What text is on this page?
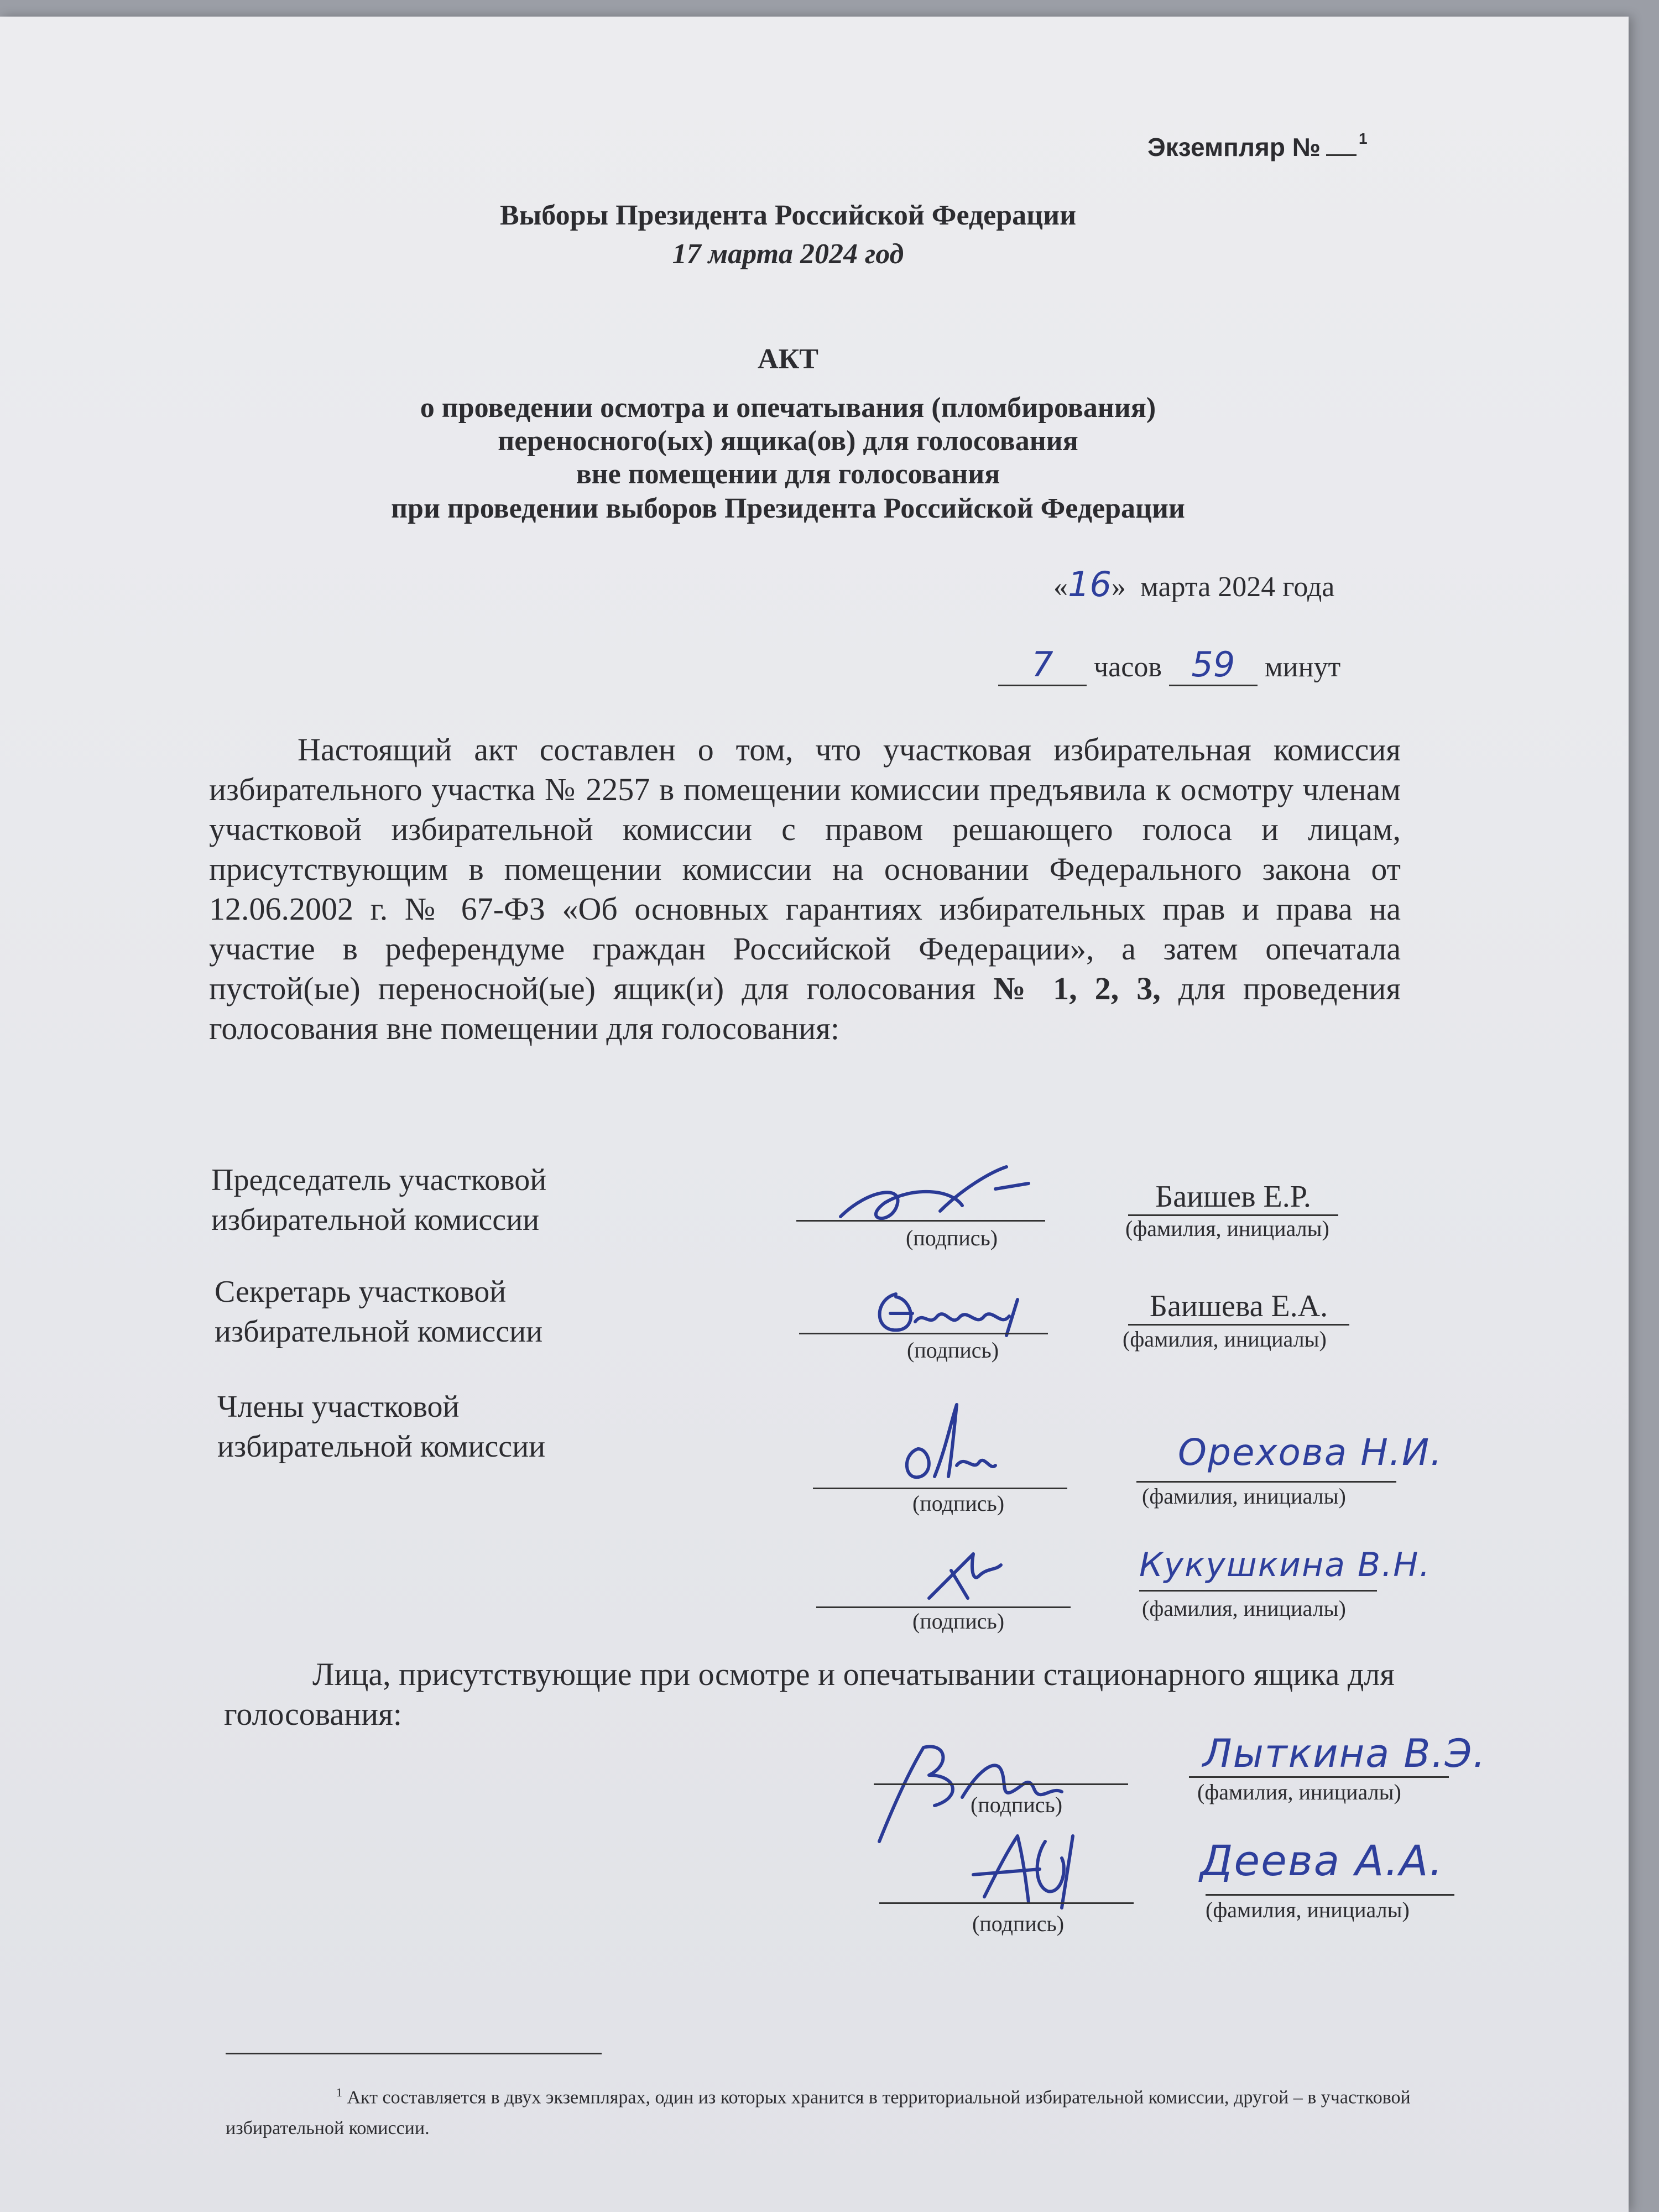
Экземпляр № $^1$
Выборы Президента Российской Федерации
17 марта 2024 год
АКТ
о проведении осмотра и опечатывания (пломбирования)
переносного(ых) ящика(ов) для голосования
вне помещении для голосования
при проведении выборов Президента Российской Федерации
«16» марта 2024 года
7 часов 59 минут

Настоящий акт составлен о том, что участковая избирательная комиссия избирательного участка № 2257 в помещении комиссии предъявила к осмотру членам участковой избирательной комиссии с правом решающего голоса и лицам, присутствующим в помещении комиссии на основании Федерального закона от 12.06.2002 г. № 67-ФЗ «Об основных гарантиях избирательных прав и права на участие в референдуме граждан Российской Федерации», а затем опечатала пустой(ые) переносной(ые) ящик(и) для голосования № 1, 2, 3, для проведения голосования вне помещении для голосования:

Председатель участковой
избирательной комиссии
(подпись)
Баишев Е.Р.
(фамилия, инициалы)
Секретарь участковой
избирательной комиссии
(подпись)
Баишева Е.А.
(фамилия, инициалы)
Члены участковой
избирательной комиссии
(подпись)
Орехова Н.И.
(фамилия, инициалы)
(подпись)
Кукушкина В.Н.
(фамилия, инициалы)

Лица, присутствующие при осмотре и опечатывании стационарного ящика для голосования:

(подпись)
Лыткина В.Э.
(фамилия, инициалы)
(подпись)
Деева А.А.
(фамилия, инициалы)

$^1$ Акт составляется в двух экземплярах, один из которых хранится в территориальной избирательной комиссии, другой – в участковой избирательной комиссии.
